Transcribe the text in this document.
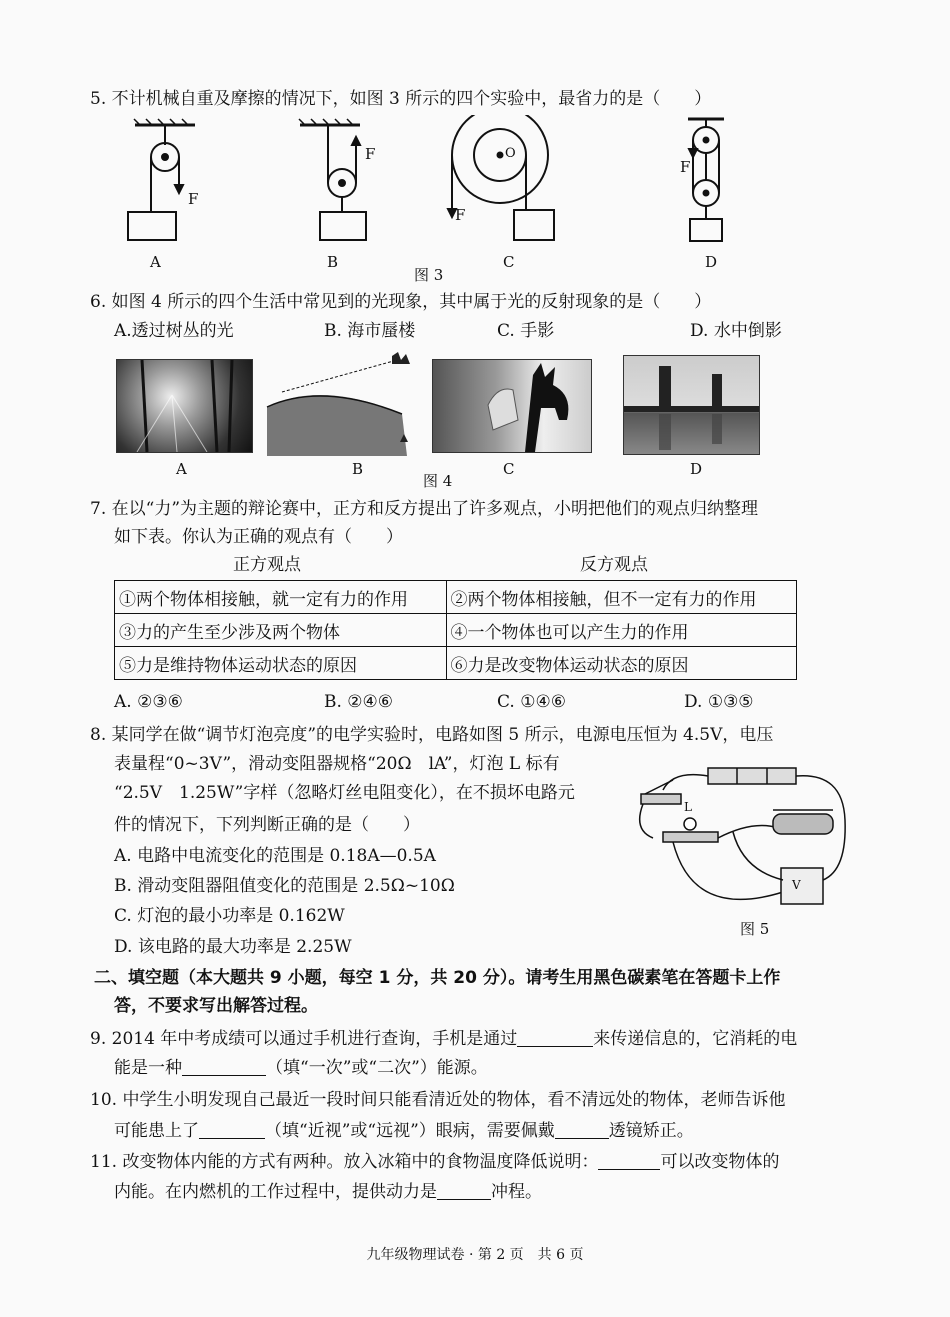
5. 不计机械自重及摩擦的情况下，如图 3 所示的四个实验中，最省力的是（　　）
F
F	O
F
F
A	B
图 3
C	D
6. 如图 4 所示的四个生活中常见到的光现象，其中属于光的反射现象的是（　　）
A.透过树丛的光	B. 海市蜃楼	C. 手影	D. 水中倒影
A	B
图 4
C	D
7. 在以“力”为主题的辩论赛中，正方和反方提出了许多观点，小明把他们的观点归纳整理
如下表。你认为正确的观点有（　　）
正方观点	反方观点
①两个物体相接触，就一定有力的作用	②两个物体相接触，但不一定有力的作用
③力的产生至少涉及两个物体	④一个物体也可以产生力的作用
⑤力是维持物体运动状态的原因	⑥力是改变物体运动状态的原因
A. ②③⑥	B. ②④⑥	C. ①④⑥	D. ①③⑤
8. 某同学在做“调节灯泡亮度”的电学实验时，电路如图 5 所示，电源电压恒为 4.5V，电压
表量程“0~3V”，滑动变阻器规格“20Ω　lA”，灯泡 L 标有
“2.5V　1.25W”字样（忽略灯丝电阻变化），在不损坏电路元
件的情况下，下列判断正确的是（　　）
A. 电路中电流变化的范围是 0.18A—0.5A
B. 滑动变阻器阻值变化的范围是 2.5Ω~10Ω
C. 灯泡的最小功率是 0.162W
D. 该电路的最大功率是 2.25W
L
V
图 5
二、填空题（本大题共 9 小题，每空 1 分，共 20 分）。请考生用黑色碳素笔在答题卡上作
答，不要求写出解答过程。
9. 2014 年中考成绩可以通过手机进行查询，手机是通过	来传递信息的，它消耗的电
能是一种	（填“一次”或“二次”）能源。
10. 中学生小明发现自己最近一段时间只能看清近处的物体，看不清远处的物体，老师告诉他
可能患上了	（填“近视”或“远视”）眼病，需要佩戴	透镜矫正。
11. 改变物体内能的方式有两种。放入冰箱中的食物温度降低说明：	可以改变物体的
内能。在内燃机的工作过程中，提供动力是	冲程。
九年级物理试卷 · 第 2 页　共 6 页
